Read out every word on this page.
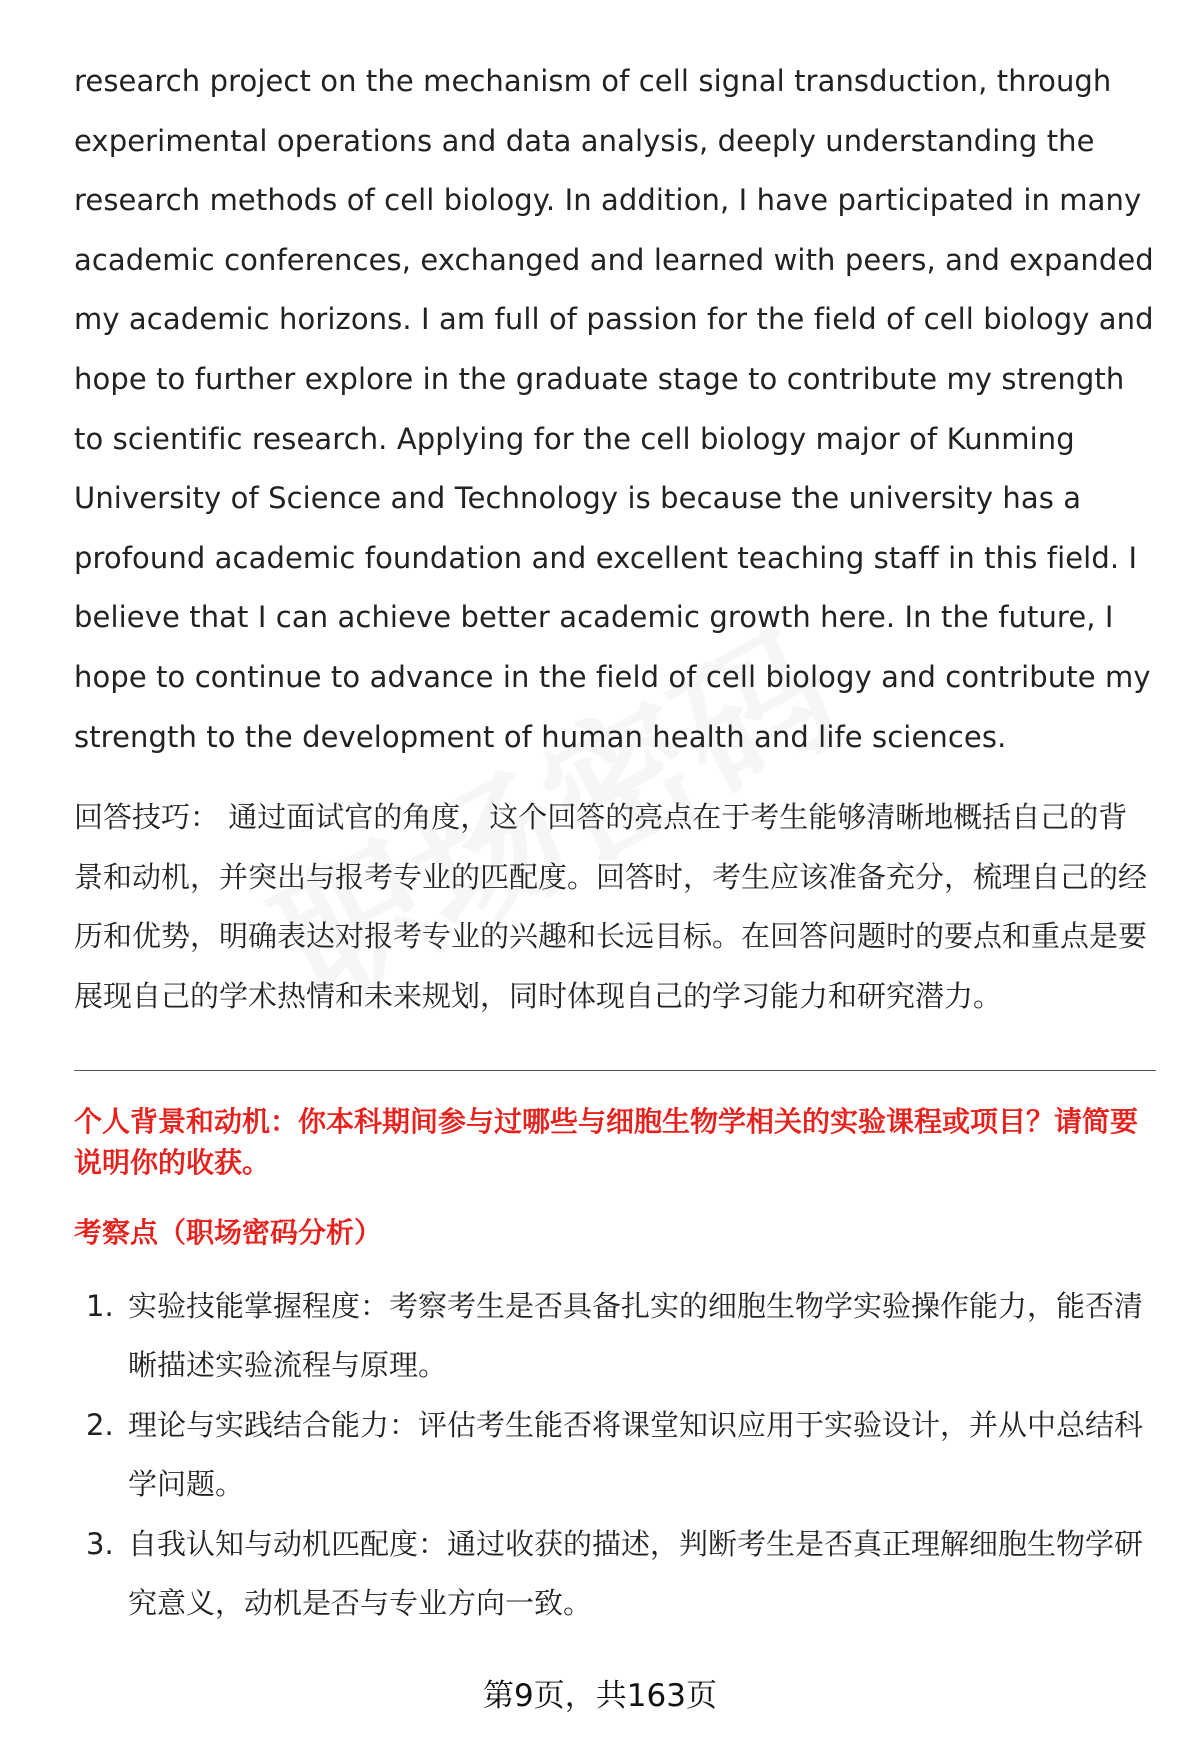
research project on the mechanism of cell signal transduction, through experimental operations and data analysis, deeply understanding the research methods of cell biology. In addition, I have participated in many academic conferences, exchanged and learned with peers, and expanded my academic horizons. I am full of passion for the field of cell biology and hope to further explore in the graduate stage to contribute my strength to scientific research. Applying for the cell biology major of Kunming University of Science and Technology is because the university has a profound academic foundation and excellent teaching staff in this field. I believe that I can achieve better academic growth here. In the future, I hope to continue to advance in the field of cell biology and contribute my strength to the development of human health and life sciences.

回答技巧： 通过面试官的角度，这个回答的亮点在于考生能够清晰地概括自己的背景和动机，并突出与报考专业的匹配度。回答时，考生应该准备充分，梳理自己的经历和优势，明确表达对报考专业的兴趣和长远目标。在回答问题时的要点和重点是要展现自己的学术热情和未来规划，同时体现自己的学习能力和研究潜力。

个人背景和动机：你本科期间参与过哪些与细胞生物学相关的实验课程或项目？请简要说明你的收获。

考察点（职场密码分析）

1. 实验技能掌握程度：考察考生是否具备扎实的细胞生物学实验操作能力，能否清晰描述实验流程与原理。
2. 理论与实践结合能力：评估考生能否将课堂知识应用于实验设计，并从中总结科学问题。
3. 自我认知与动机匹配度：通过收获的描述，判断考生是否真正理解细胞生物学研究意义，动机是否与专业方向一致。
第9页，共163页
